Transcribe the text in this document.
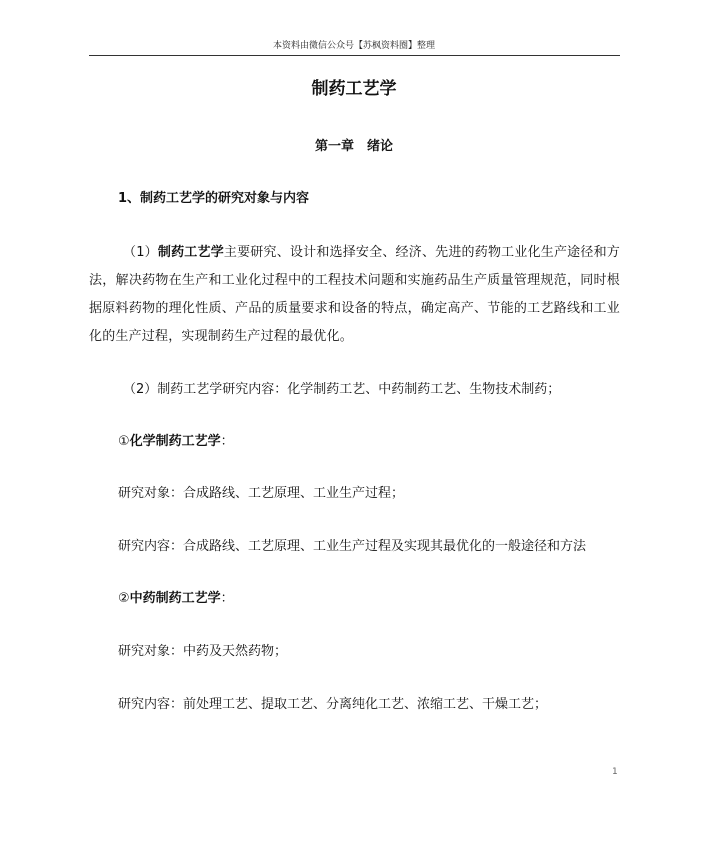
本资料由微信公众号【苏枫资料圈】整理
制药工艺学
第一章　绪论
1、制药工艺学的研究对象与内容
（1）制药工艺学主要研究、设计和选择安全、经济、先进的药物工业化生产途径和方法，解决药物在生产和工业化过程中的工程技术问题和实施药品生产质量管理规范，同时根据原料药物的理化性质、产品的质量要求和设备的特点，确定高产、节能的工艺路线和工业化的生产过程，实现制药生产过程的最优化。
（2）制药工艺学研究内容：化学制药工艺、中药制药工艺、生物技术制药；
①化学制药工艺学：
研究对象：合成路线、工艺原理、工业生产过程；
研究内容：合成路线、工艺原理、工业生产过程及实现其最优化的一般途径和方法
②中药制药工艺学：
研究对象：中药及天然药物；
研究内容：前处理工艺、提取工艺、分离纯化工艺、浓缩工艺、干燥工艺；
1
